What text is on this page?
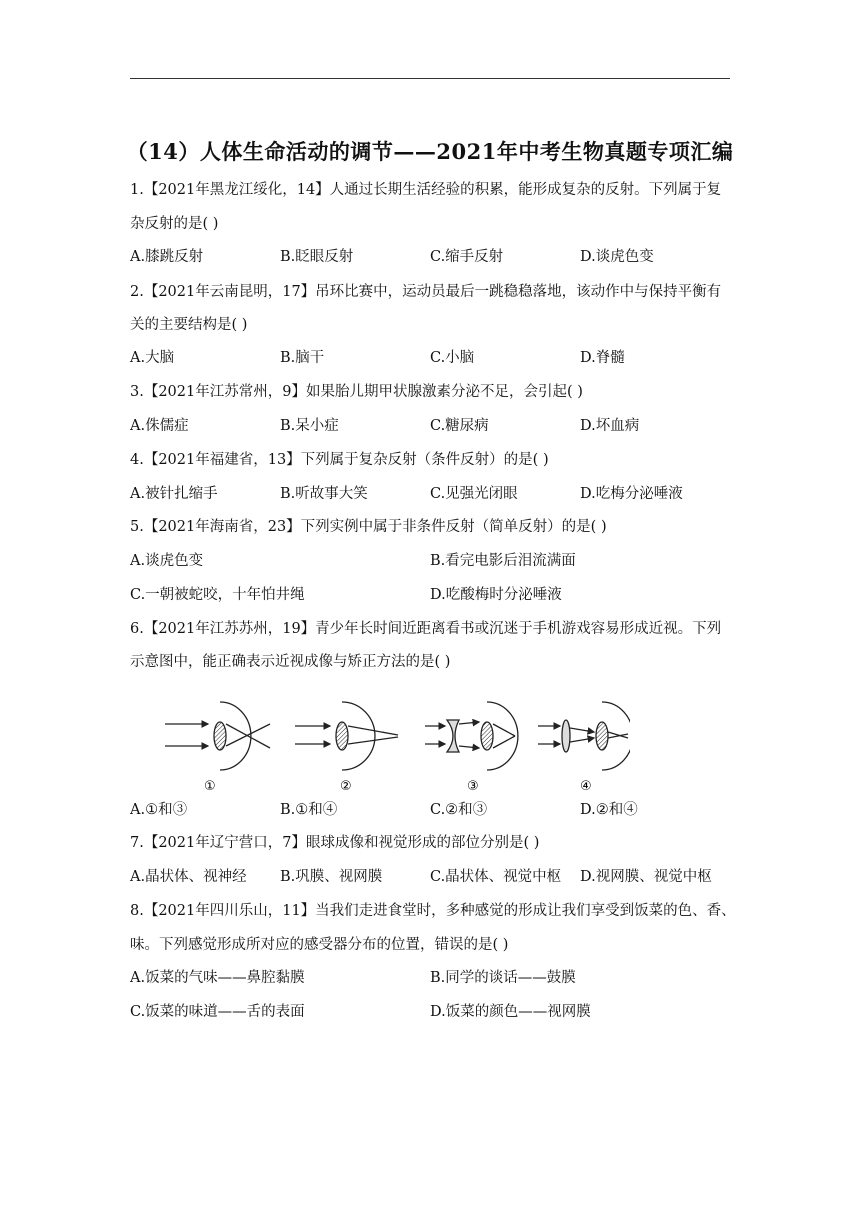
（14）人体生命活动的调节——2021年中考生物真题专项汇编
1.【2021年黑龙江绥化，14】人通过长期生活经验的积累，能形成复杂的反射。下列属于复
杂反射的是( )
A.膝跳反射	B.眨眼反射	C.缩手反射	D.谈虎色变
2.【2021年云南昆明，17】吊环比赛中，运动员最后一跳稳稳落地，该动作中与保持平衡有
关的主要结构是( )
A.大脑	B.脑干	C.小脑	D.脊髓
3.【2021年江苏常州，9】如果胎儿期甲状腺激素分泌不足，会引起( )
A.侏儒症	B.呆小症	C.糖尿病	D.坏血病
4.【2021年福建省，13】下列属于复杂反射（条件反射）的是( )
A.被针扎缩手	B.听故事大笑	C.见强光闭眼	D.吃梅分泌唾液
5.【2021年海南省，23】下列实例中属于非条件反射（简单反射）的是( )
A.谈虎色变	B.看完电影后泪流满面
C.一朝被蛇咬，十年怕井绳	D.吃酸梅时分泌唾液
6.【2021年江苏苏州，19】青少年长时间近距离看书或沉迷于手机游戏容易形成近视。下列
示意图中，能正确表示近视成像与矫正方法的是( )
①	②	③	④
A.①和③	B.①和④	C.②和③	D.②和④
7.【2021年辽宁营口，7】眼球成像和视觉形成的部位分别是( )
A.晶状体、视神经 B.巩膜、视网膜	C.晶状体、视觉中枢 D.视网膜、视觉中枢
8.【2021年四川乐山，11】当我们走进食堂时，多种感觉的形成让我们享受到饭菜的色、香、
味。下列感觉形成所对应的感受器分布的位置，错误的是( )
A.饭菜的气味——鼻腔黏膜	B.同学的谈话——鼓膜
C.饭菜的味道——舌的表面	D.饭菜的颜色——视网膜
